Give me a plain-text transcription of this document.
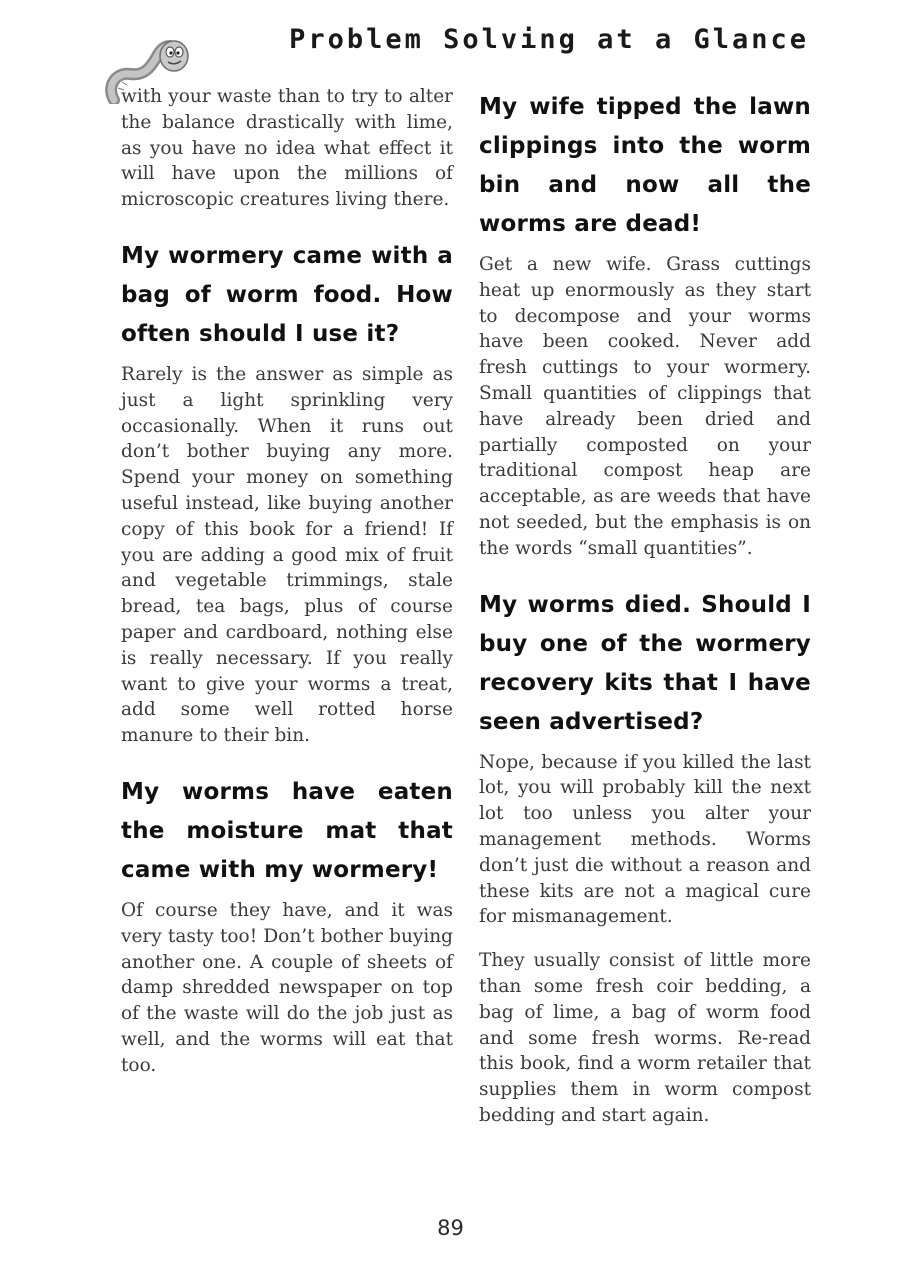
Problem Solving at a Glance

with your waste than to try to alter the balance drastically with lime, as you have no idea what effect it will have upon the millions of microscopic creatures living there.

My wormery came with a bag of worm food. How often should I use it?

Rarely is the answer as simple as just a light sprinkling very occasionally. When it runs out don’t bother buying any more. Spend your money on something useful instead, like buying another copy of this book for a friend! If you are adding a good mix of fruit and vegetable trimmings, stale bread, tea bags, plus of course paper and cardboard, nothing else is really necessary. If you really want to give your worms a treat, add some well rotted horse manure to their bin.

My worms have eaten the moisture mat that came with my wormery!

Of course they have, and it was very tasty too! Don’t bother buying another one. A couple of sheets of damp shredded newspaper on top of the waste will do the job just as well, and the worms will eat that too.

My wife tipped the lawn clippings into the worm bin and now all the worms are dead!

Get a new wife. Grass cuttings heat up enormously as they start to decompose and your worms have been cooked. Never add fresh cuttings to your wormery. Small quantities of clippings that have already been dried and partially composted on your traditional compost heap are acceptable, as are weeds that have not seeded, but the emphasis is on the words “small quantities”.

My worms died. Should I buy one of the wormery recovery kits that I have seen advertised?

Nope, because if you killed the last lot, you will probably kill the next lot too unless you alter your management methods. Worms don’t just die without a reason and these kits are not a magical cure for mismanagement.

They usually consist of little more than some fresh coir bedding, a bag of lime, a bag of worm food and some fresh worms. Re-read this book, find a worm retailer that supplies them in worm compost bedding and start again.

89
